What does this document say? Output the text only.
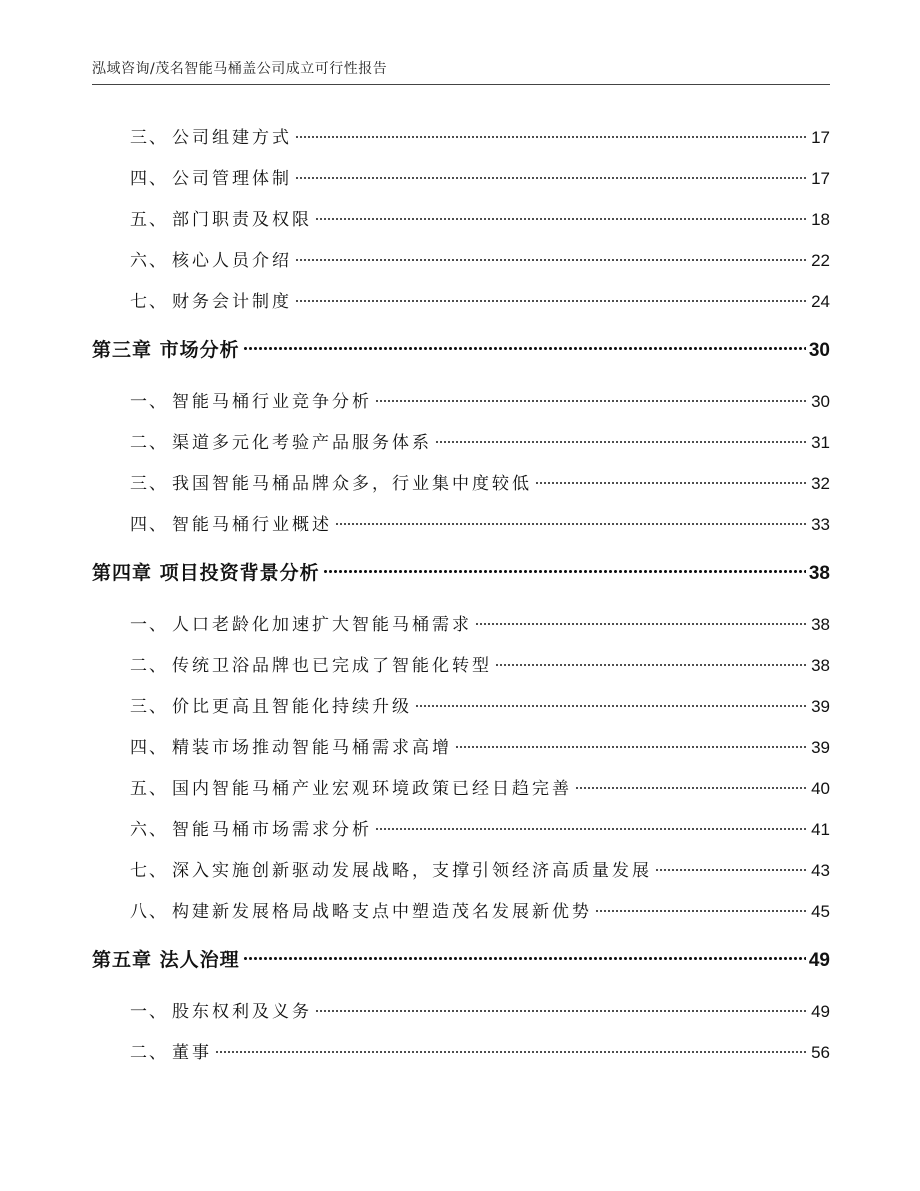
泓域咨询/茂名智能马桶盖公司成立可行性报告
三、 公司组建方式	17
四、 公司管理体制	17
五、 部门职责及权限	18
六、 核心人员介绍	22
七、 财务会计制度	24
第三章 市场分析	30
一、 智能马桶行业竞争分析	30
二、 渠道多元化考验产品服务体系	31
三、 我国智能马桶品牌众多，行业集中度较低	32
四、 智能马桶行业概述	33
第四章 项目投资背景分析	38
一、 人口老龄化加速扩大智能马桶需求	38
二、 传统卫浴品牌也已完成了智能化转型	38
三、 价比更高且智能化持续升级	39
四、 精装市场推动智能马桶需求高增	39
五、 国内智能马桶产业宏观环境政策已经日趋完善	40
六、 智能马桶市场需求分析	41
七、 深入实施创新驱动发展战略，支撑引领经济高质量发展	43
八、 构建新发展格局战略支点中塑造茂名发展新优势	45
第五章 法人治理	49
一、 股东权利及义务	49
二、 董事	56
